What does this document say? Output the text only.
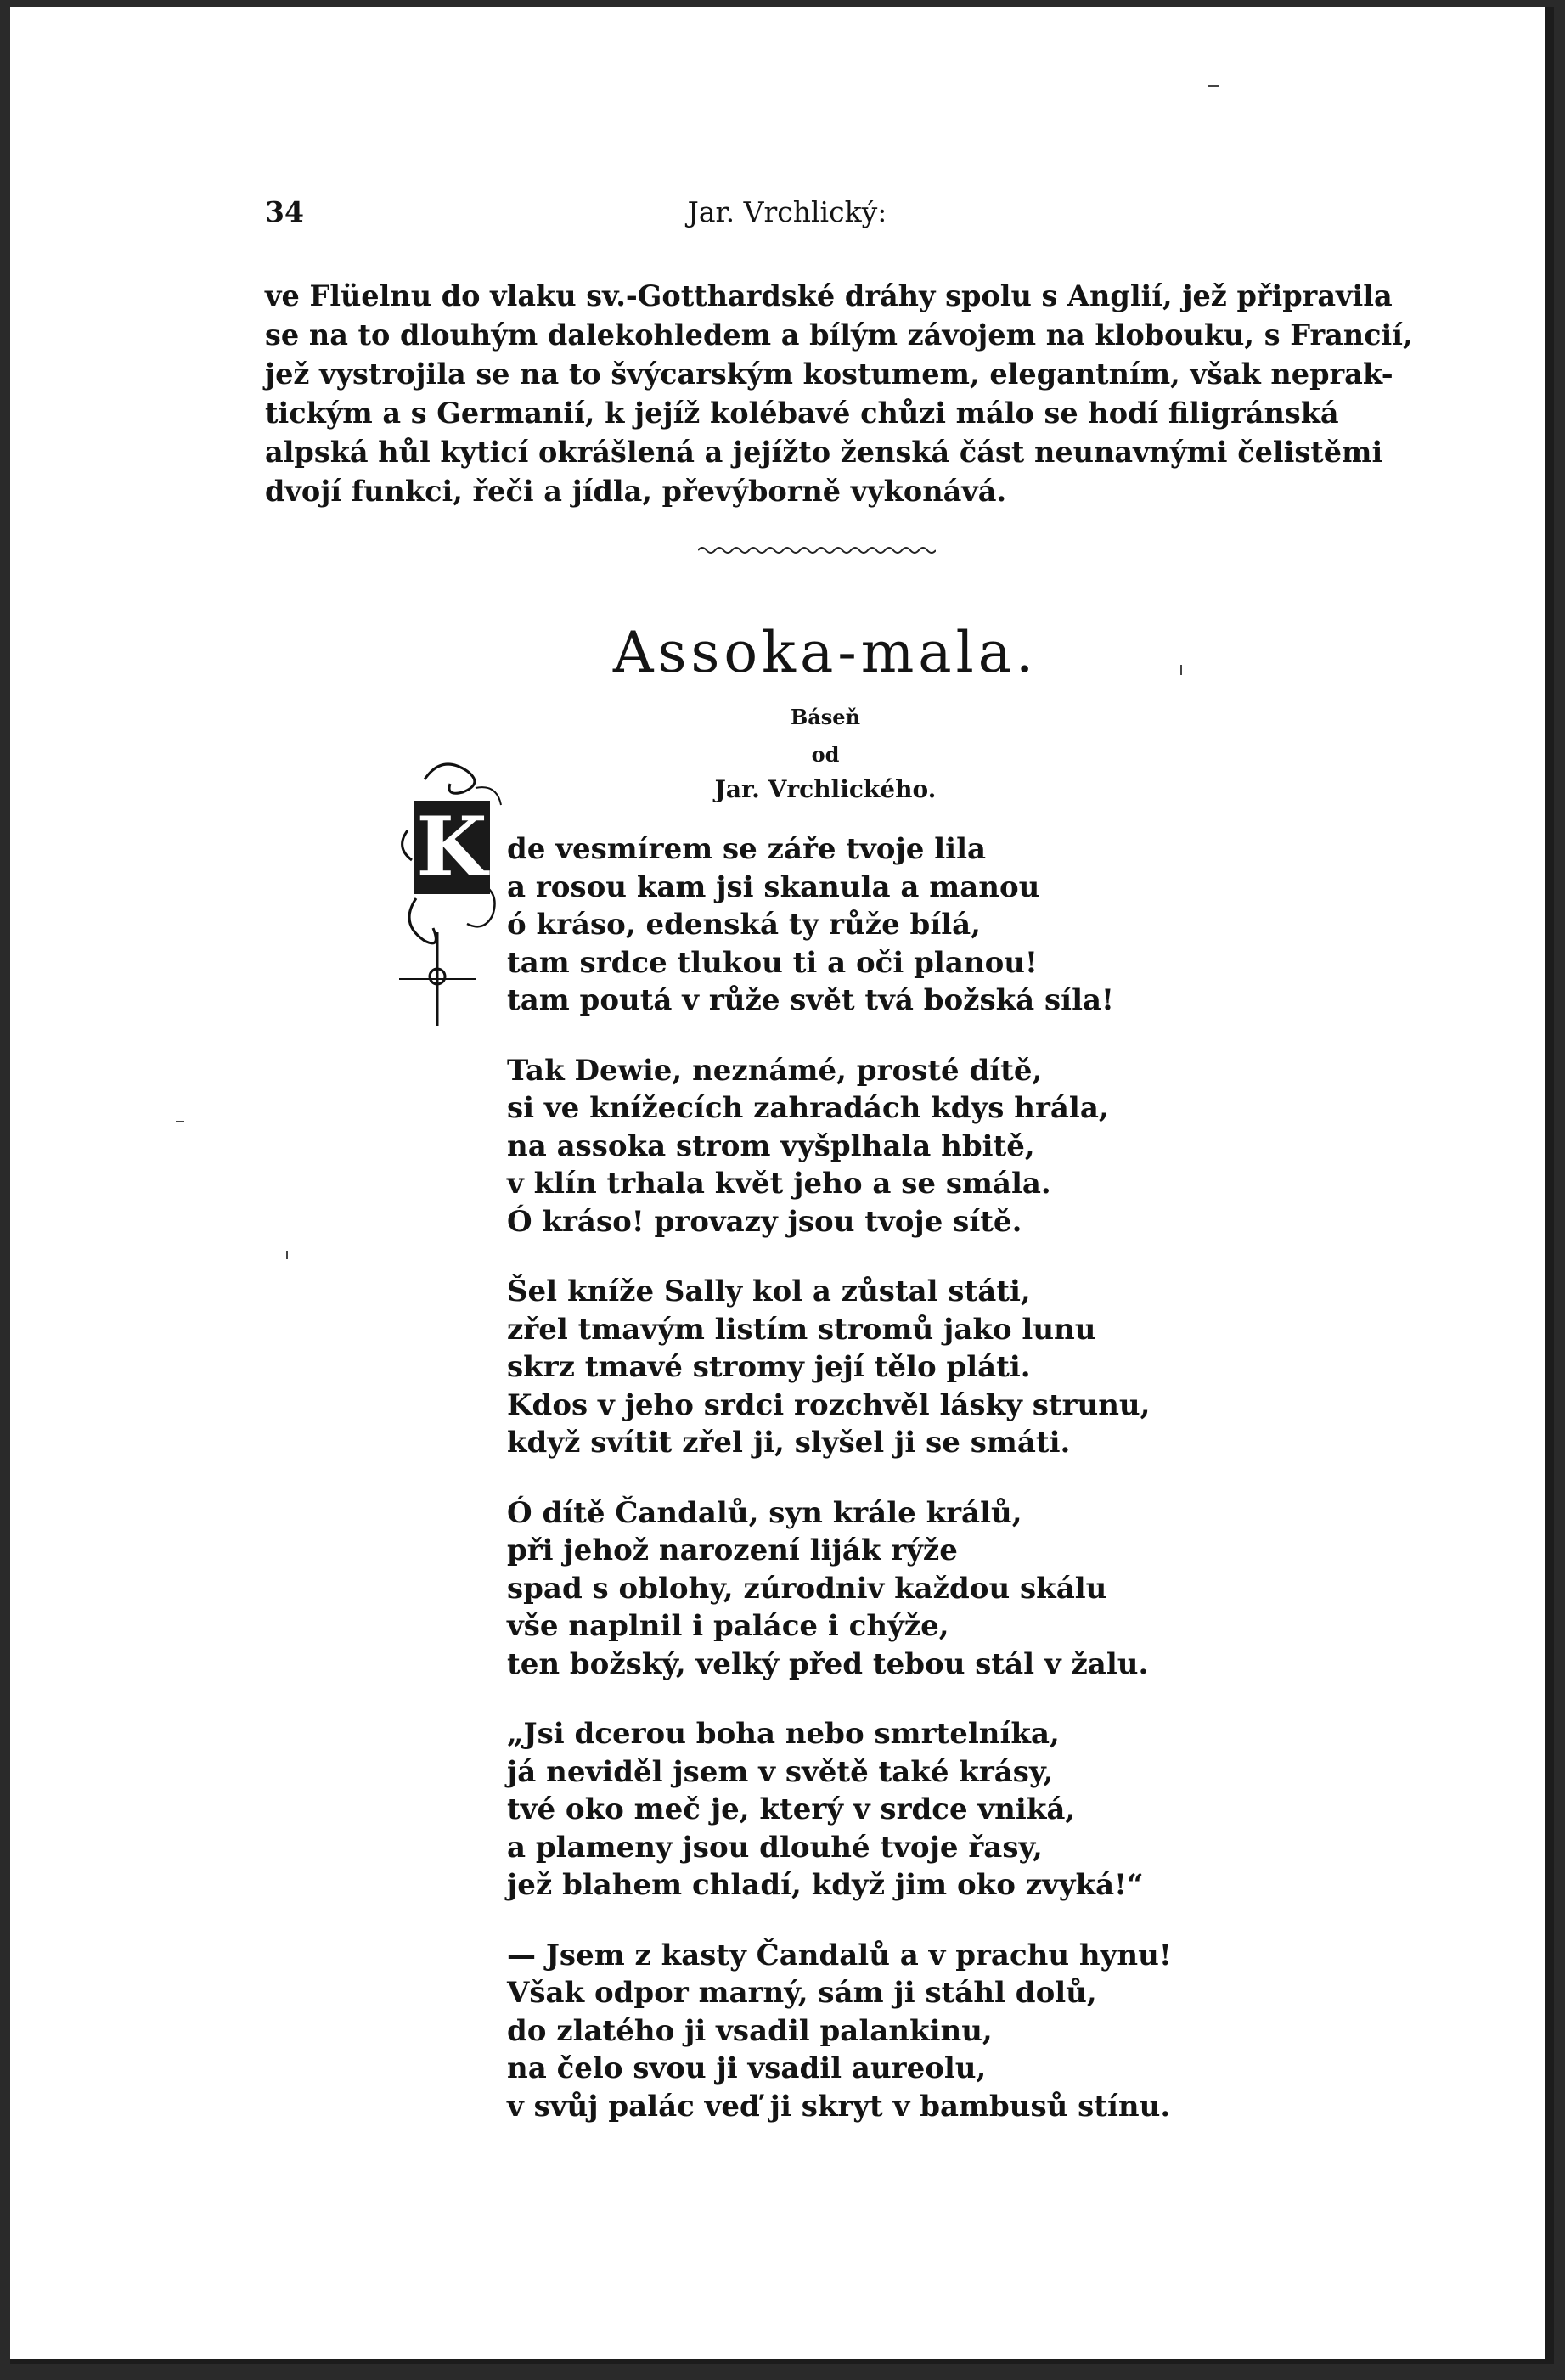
34	Jar. Vrchlický:
ve Flüelnu do vlaku sv.-Gotthardské dráhy spolu s Anglií, jež připravila
se na to dlouhým dalekohledem a bílým závojem na klobouku, s Francií,
jež vystrojila se na to švýcarským kostumem, elegantním, však neprak-
tickým a s Germanií, k jejíž kolébavé chůzi málo se hodí filigránská
alpská hůl kyticí okrášlená a jejížto ženská část neunavnými čelistěmi
dvojí funkci, řeči a jídla, převýborně vykonává.
Assoka-mala.
Báseň
od
Jar. Vrchlického.
K de vesmírem se záře tvoje lila
a rosou kam jsi skanula a manou
ó kráso, edenská ty růže bílá,
tam srdce tlukou ti a oči planou!
tam poutá v růže svět tvá božská síla!
Tak Dewie, neznámé, prosté dítě,
si ve knížecích zahradách kdys hrála,
na assoka strom vyšplhala hbitě,
v klín trhala květ jeho a se smála.
Ó kráso! provazy jsou tvoje sítě.
Šel kníže Sally kol a zůstal státi,
zřel tmavým listím stromů jako lunu
skrz tmavé stromy její tělo pláti.
Kdos v jeho srdci rozchvěl lásky strunu,
když svítit zřel ji, slyšel ji se smáti.
Ó dítě Čandalů, syn krále králů,
při jehož narození liják rýže
spad s oblohy, zúrodniv každou skálu
vše naplnil i paláce i chýže,
ten božský, velký před tebou stál v žalu.
„Jsi dcerou boha nebo smrtelníka,
já neviděl jsem v světě také krásy,
tvé oko meč je, který v srdce vniká,
a plameny jsou dlouhé tvoje řasy,
jež blahem chladí, když jim oko zvyká!“
— Jsem z kasty Čandalů a v prachu hynu!
Však odpor marný, sám ji stáhl dolů,
do zlatého ji vsadil palankinu,
na čelo svou ji vsadil aureolu,
v svůj palác veď ji skryt v bambusů stínu.
